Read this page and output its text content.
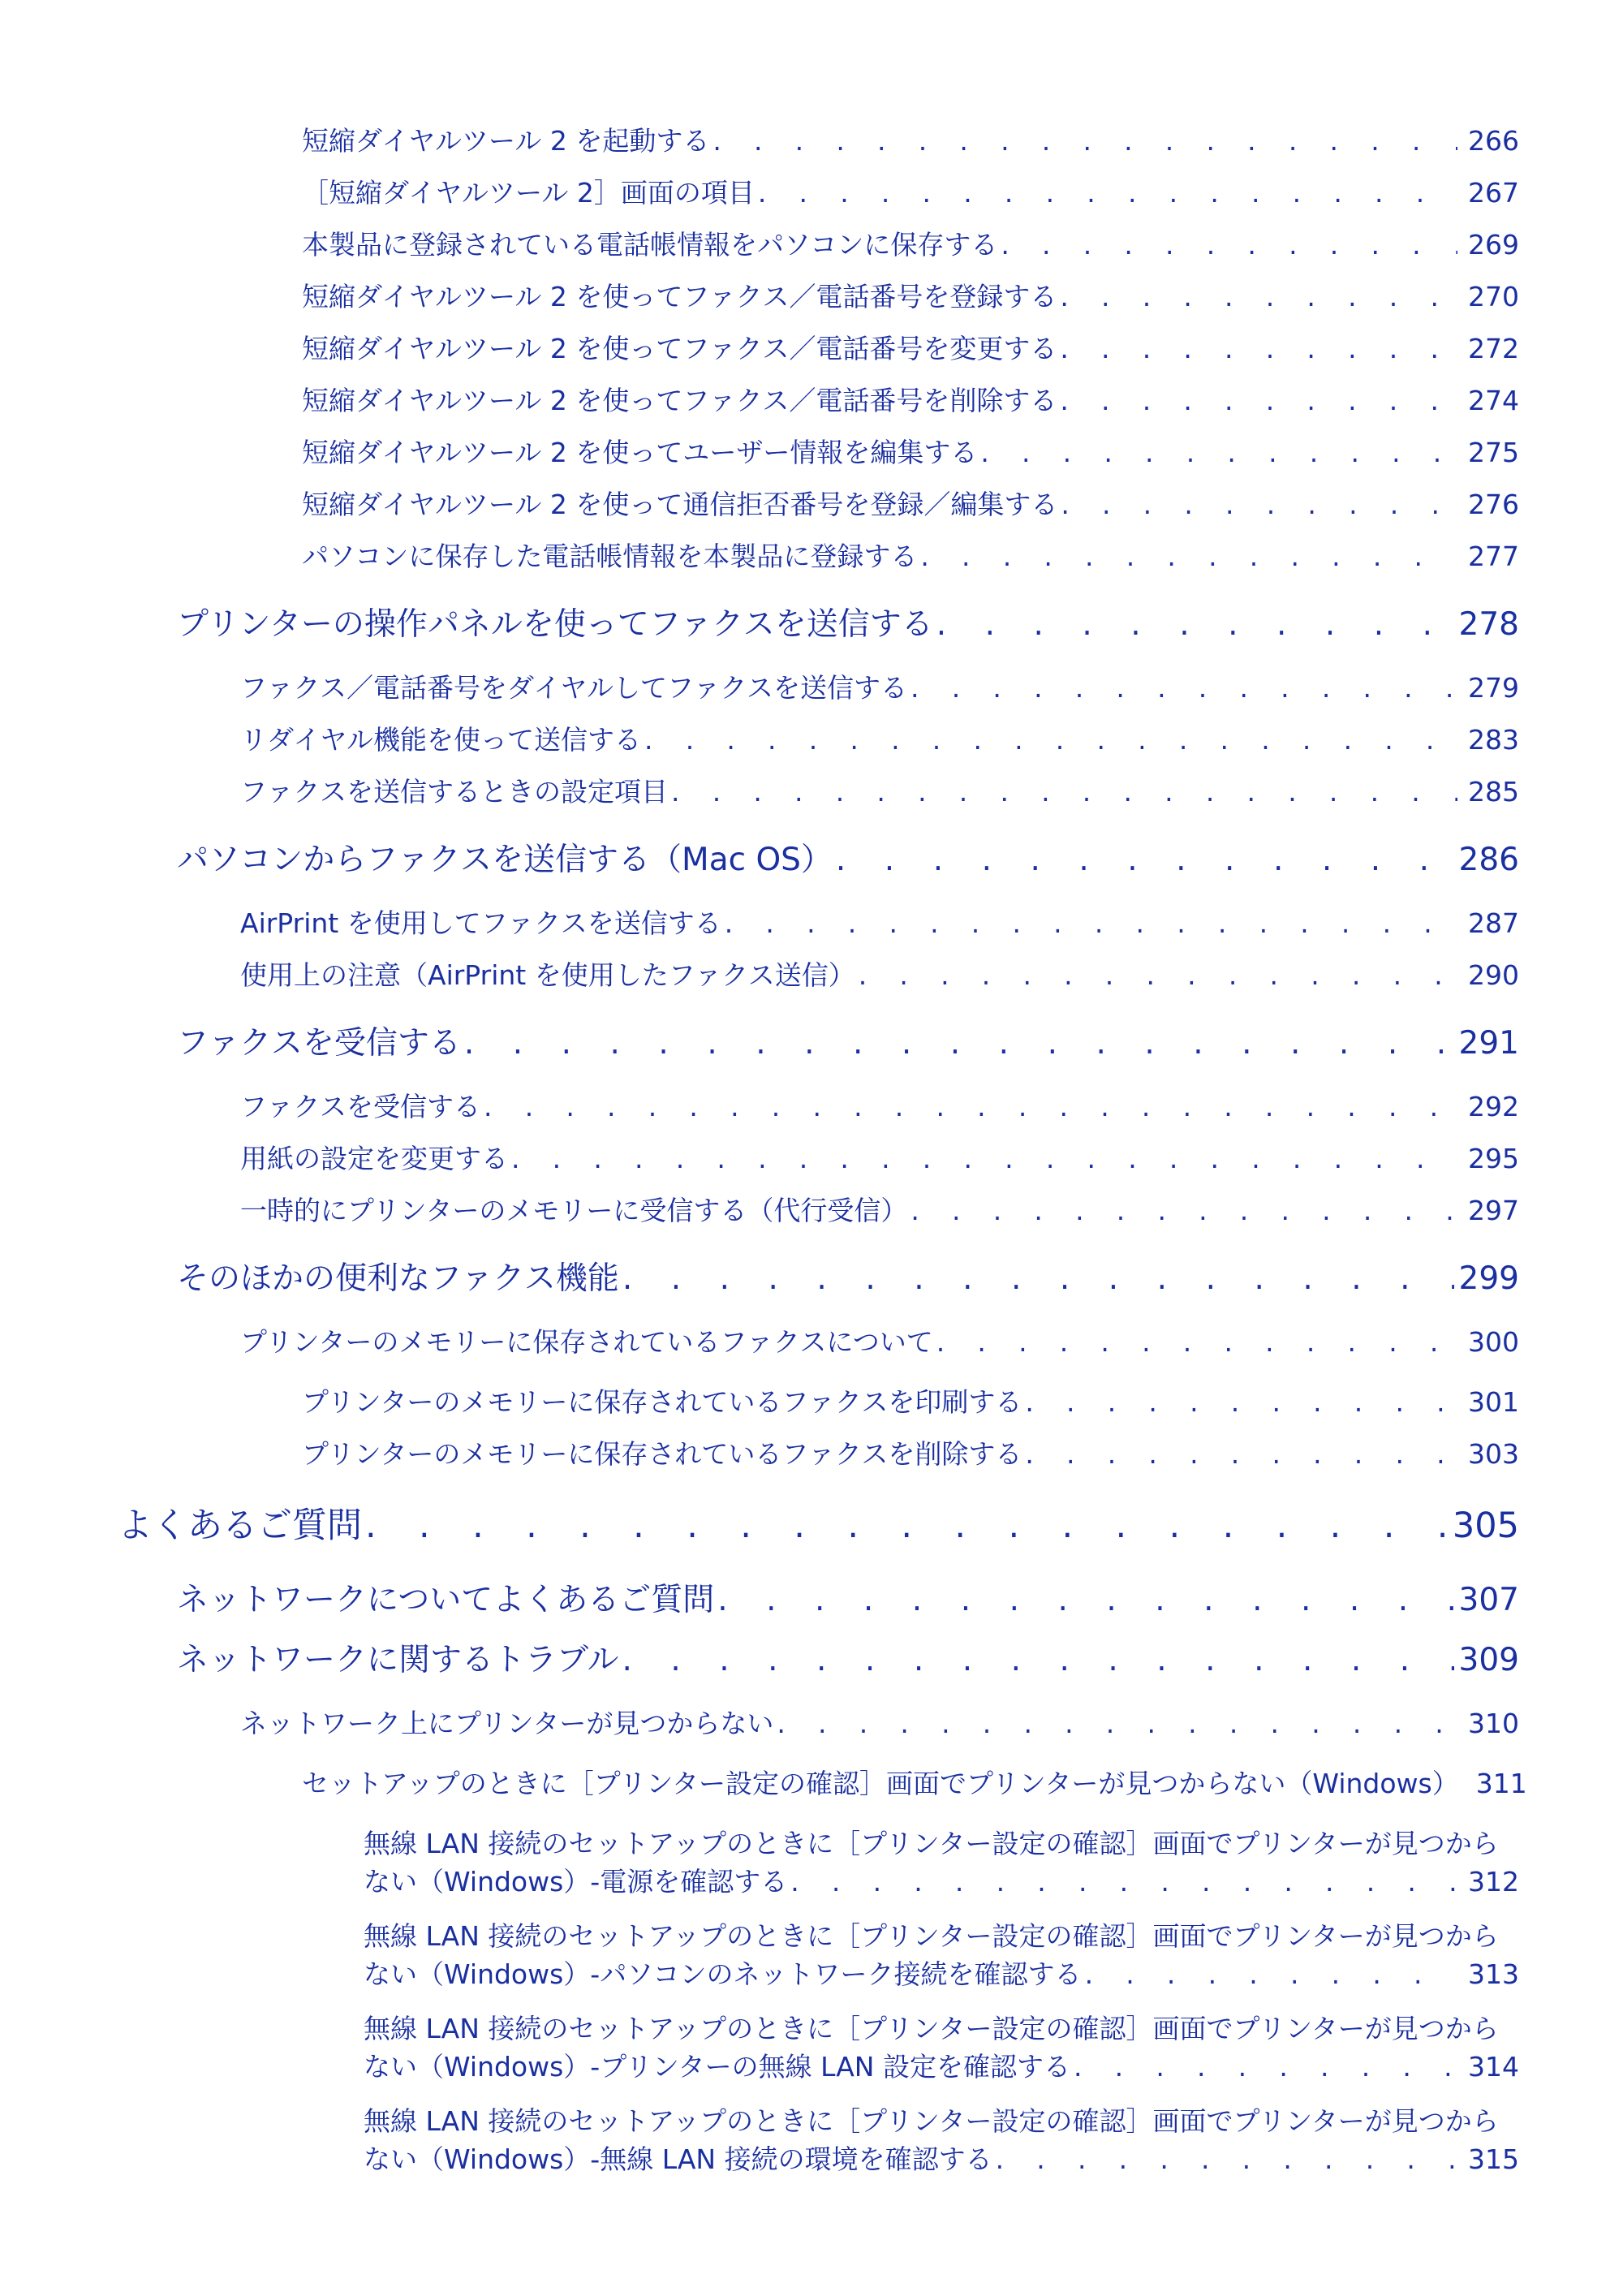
短縮ダイヤルツール 2 を起動する . . .	266
［短縮ダイヤルツール 2］画面の項目 . . .	267
本製品に登録されている電話帳情報をパソコンに保存する . . .	269
短縮ダイヤルツール 2 を使ってファクス／電話番号を登録する . . .	270
短縮ダイヤルツール 2 を使ってファクス／電話番号を変更する . . .	272
短縮ダイヤルツール 2 を使ってファクス／電話番号を削除する . . .	274
短縮ダイヤルツール 2 を使ってユーザー情報を編集する . . .	275
短縮ダイヤルツール 2 を使って通信拒否番号を登録／編集する . . .	276
パソコンに保存した電話帳情報を本製品に登録する . . .	277
プリンターの操作パネルを使ってファクスを送信する . . .	278
ファクス／電話番号をダイヤルしてファクスを送信する . . .	279
リダイヤル機能を使って送信する . . .	283
ファクスを送信するときの設定項目 . . .	285
パソコンからファクスを送信する（Mac OS） . . .	286
AirPrint を使用してファクスを送信する . . .	287
使用上の注意（AirPrint を使用したファクス送信） . . .	290
ファクスを受信する . . .	291
ファクスを受信する . . .	292
用紙の設定を変更する . . .	295
一時的にプリンターのメモリーに受信する（代行受信） . . .	297
そのほかの便利なファクス機能 . . .	299
プリンターのメモリーに保存されているファクスについて . . .	300
プリンターのメモリーに保存されているファクスを印刷する . . .	301
プリンターのメモリーに保存されているファクスを削除する . . .	303
よくあるご質問 . . .	305
ネットワークについてよくあるご質問 . . .	307
ネットワークに関するトラブル . . .	309
ネットワーク上にプリンターが見つからない . . .	310
セットアップのときに［プリンター設定の確認］画面でプリンターが見つからない（Windows） 311
無線 LAN 接続のセットアップのときに［プリンター設定の確認］画面でプリンターが見つから
ない（Windows）-電源を確認する . . .	312
無線 LAN 接続のセットアップのときに［プリンター設定の確認］画面でプリンターが見つから
ない（Windows）-パソコンのネットワーク接続を確認する . . .	313
無線 LAN 接続のセットアップのときに［プリンター設定の確認］画面でプリンターが見つから
ない（Windows）-プリンターの無線 LAN 設定を確認する . . .	314
無線 LAN 接続のセットアップのときに［プリンター設定の確認］画面でプリンターが見つから
ない（Windows）-無線 LAN 接続の環境を確認する . . .	315
